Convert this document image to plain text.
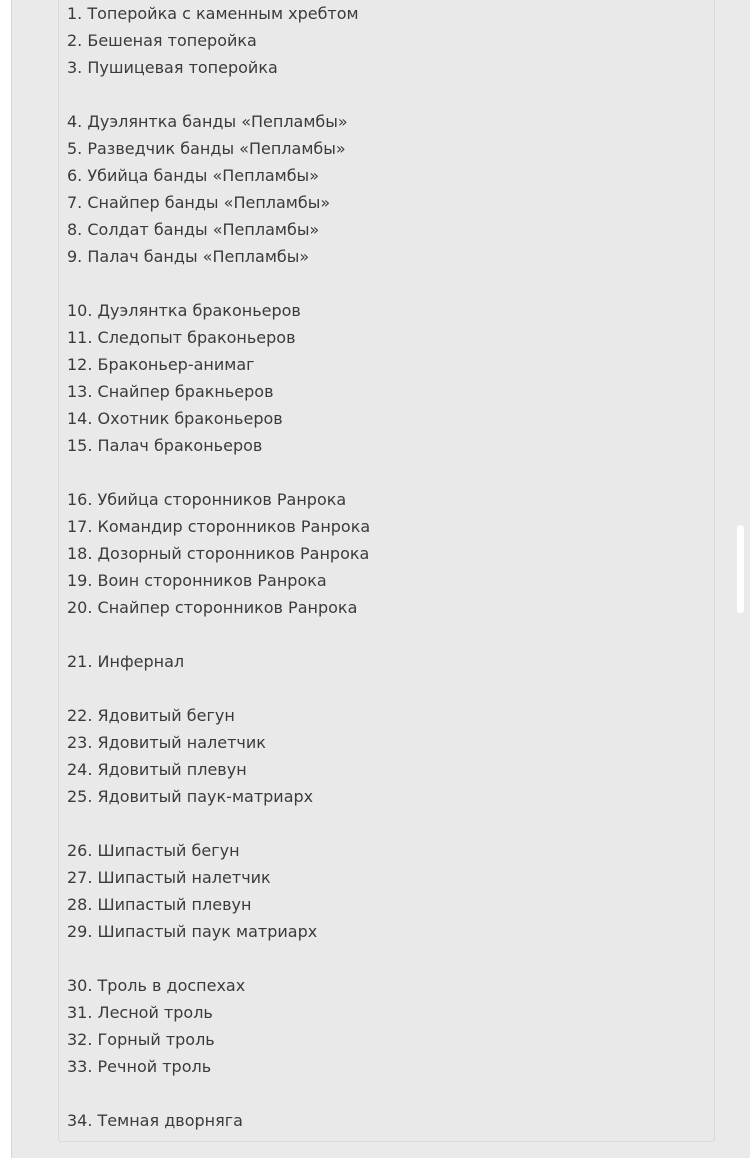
1. Топеройка с каменным хребтом
2. Бешеная топеройка
3. Пушицевая топеройка
4. Дуэлянтка банды «Пепламбы»
5. Разведчик банды «Пепламбы»
6. Убийца банды «Пепламбы»
7. Снайпер банды «Пепламбы»
8. Солдат банды «Пепламбы»
9. Палач банды «Пепламбы»
10. Дуэлянтка браконьеров
11. Следопыт браконьеров
12. Браконьер-анимаг
13. Снайпер бракньеров
14. Охотник браконьеров
15. Палач браконьеров
16. Убийца сторонников Ранрока
17. Командир сторонников Ранрока
18. Дозорный сторонников Ранрока
19. Воин сторонников Ранрока
20. Снайпер сторонников Ранрока
21. Инфернал
22. Ядовитый бегун
23. Ядовитый налетчик
24. Ядовитый плевун
25. Ядовитый паук-матриарх
26. Шипастый бегун
27. Шипастый налетчик
28. Шипастый плевун
29. Шипастый паук матриарх
30. Троль в доспехах
31. Лесной троль
32. Горный троль
33. Речной троль
34. Темная дворняга
